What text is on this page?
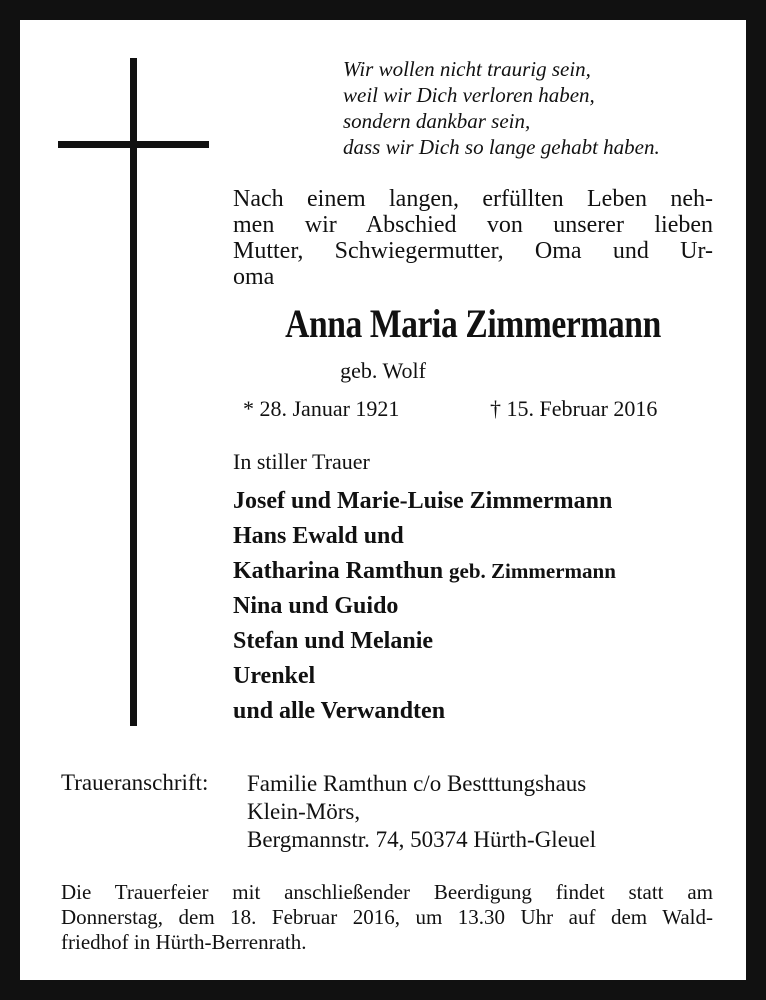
Wir wollen nicht traurig sein,
weil wir Dich verloren haben,
sondern dankbar sein,
dass wir Dich so lange gehabt haben.
Nach einem langen, erfüllten Leben neh-
men wir Abschied von unserer lieben
Mutter, Schwiegermutter, Oma und Ur-
oma
Anna Maria Zimmermann
geb. Wolf
* 28. Januar 1921	† 15. Februar 2016
In stiller Trauer
Josef und Marie-Luise Zimmermann
Hans Ewald und
Katharina Ramthun geb. Zimmermann
Nina und Guido
Stefan und Melanie
Urenkel
und alle Verwandten
Traueranschrift: Familie Ramthun c/o Bestttungshaus
Klein-Mörs,
Bergmannstr. 74, 50374 Hürth-Gleuel
Die Trauerfeier mit anschließender Beerdigung findet statt am
Donnerstag, dem 18. Februar 2016, um 13.30 Uhr auf dem Wald-
friedhof in Hürth-Berrenrath.
